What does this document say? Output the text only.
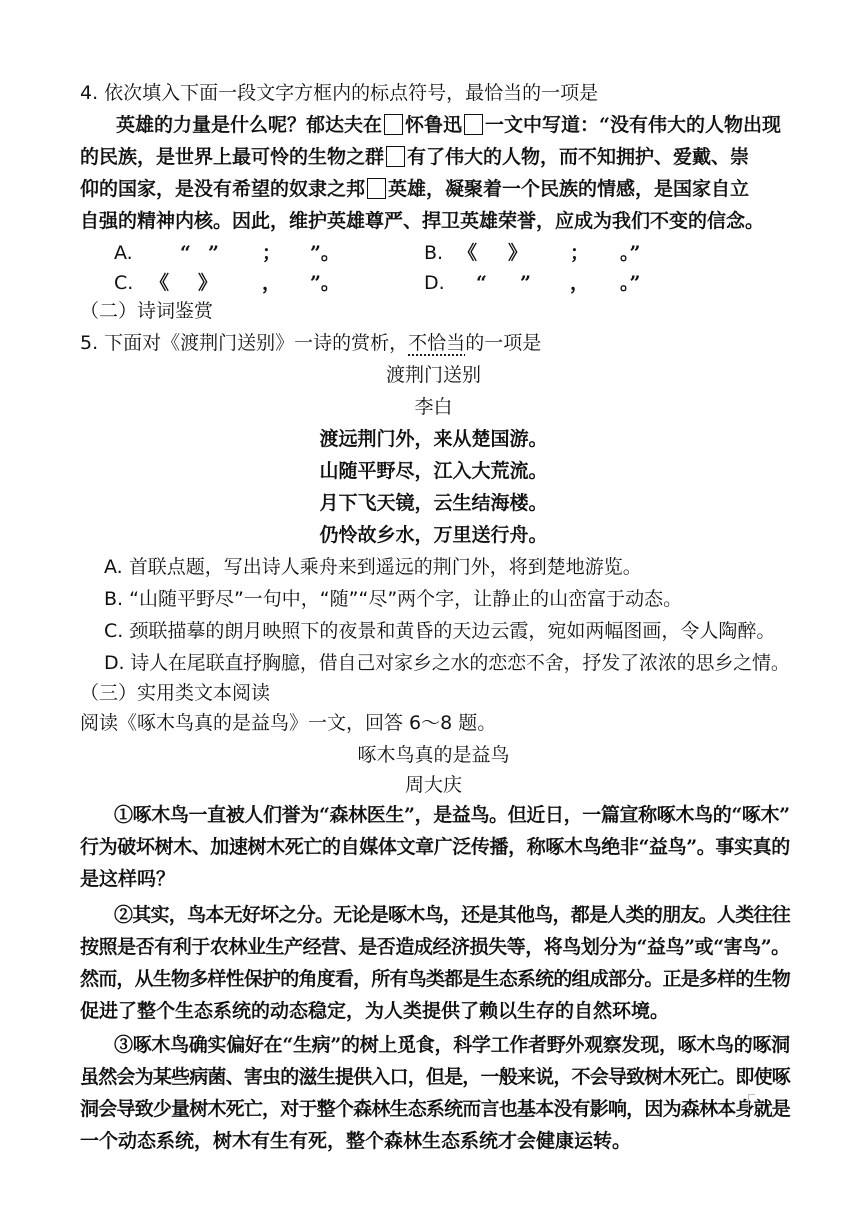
4. 依次填入下面一段文字方框内的标点符号，最恰当的一项是
英雄的力量是什么呢？郁达夫在 怀鲁迅 一文中写道：“没有伟大的人物出现
的民族，是世界上最可怜的生物之群 有了伟大的人物，而不知拥护、爱戴、崇
仰的国家，是没有希望的奴隶之邦 英雄，凝聚着一个民族的情感，是国家自立
自强的精神内核。因此，维护英雄尊严、捍卫英雄荣誉，应成为我们不变的信念。
A. “ ” ； ”。	B. 《 》 ； 。”
C. 《 》 ， ”。	D. “ ” ， 。”
（二）诗词鉴赏
5. 下面对《渡荆门送别》一诗的赏析，不恰当的一项是
渡荆门送别
李白
渡远荆门外，来从楚国游。
山随平野尽，江入大荒流。
月下飞天镜，云生结海楼。
仍怜故乡水，万里送行舟。
A. 首联点题，写出诗人乘舟来到遥远的荆门外，将到楚地游览。
B. “山随平野尽”一句中，“随”“尽”两个字，让静止的山峦富于动态。
C. 颈联描摹的朗月映照下的夜景和黄昏的天边云霞，宛如两幅图画，令人陶醉。
D. 诗人在尾联直抒胸臆，借自己对家乡之水的恋恋不舍，抒发了浓浓的思乡之情。
（三）实用类文本阅读
阅读《啄木鸟真的是益鸟》一文，回答 6～8 题。
啄木鸟真的是益鸟
周大庆
①啄木鸟一直被人们誉为“森林医生”，是益鸟。但近日，一篇宣称啄木鸟的“啄木”
行为破坏树木、加速树木死亡的自媒体文章广泛传播，称啄木鸟绝非“益鸟”。事实真的
是这样吗？
②其实，鸟本无好坏之分。无论是啄木鸟，还是其他鸟，都是人类的朋友。人类往往
按照是否有利于农林业生产经营、是否造成经济损失等，将鸟划分为“益鸟”或“害鸟”。
然而，从生物多样性保护的角度看，所有鸟类都是生态系统的组成部分。正是多样的生物
促进了整个生态系统的动态稳定，为人类提供了赖以生存的自然环境。
③啄木鸟确实偏好在“生病”的树上觅食，科学工作者野外观察发现，啄木鸟的啄洞
虽然会为某些病菌、害虫的滋生提供入口，但是，一般来说，不会导致树木死亡。即使啄
洞会导致少量树木死亡，对于整个森林生态系统而言也基本没有影响，因为森林本身就是
一个动态系统，树木有生有死，整个森林生态系统才会健康运转。
